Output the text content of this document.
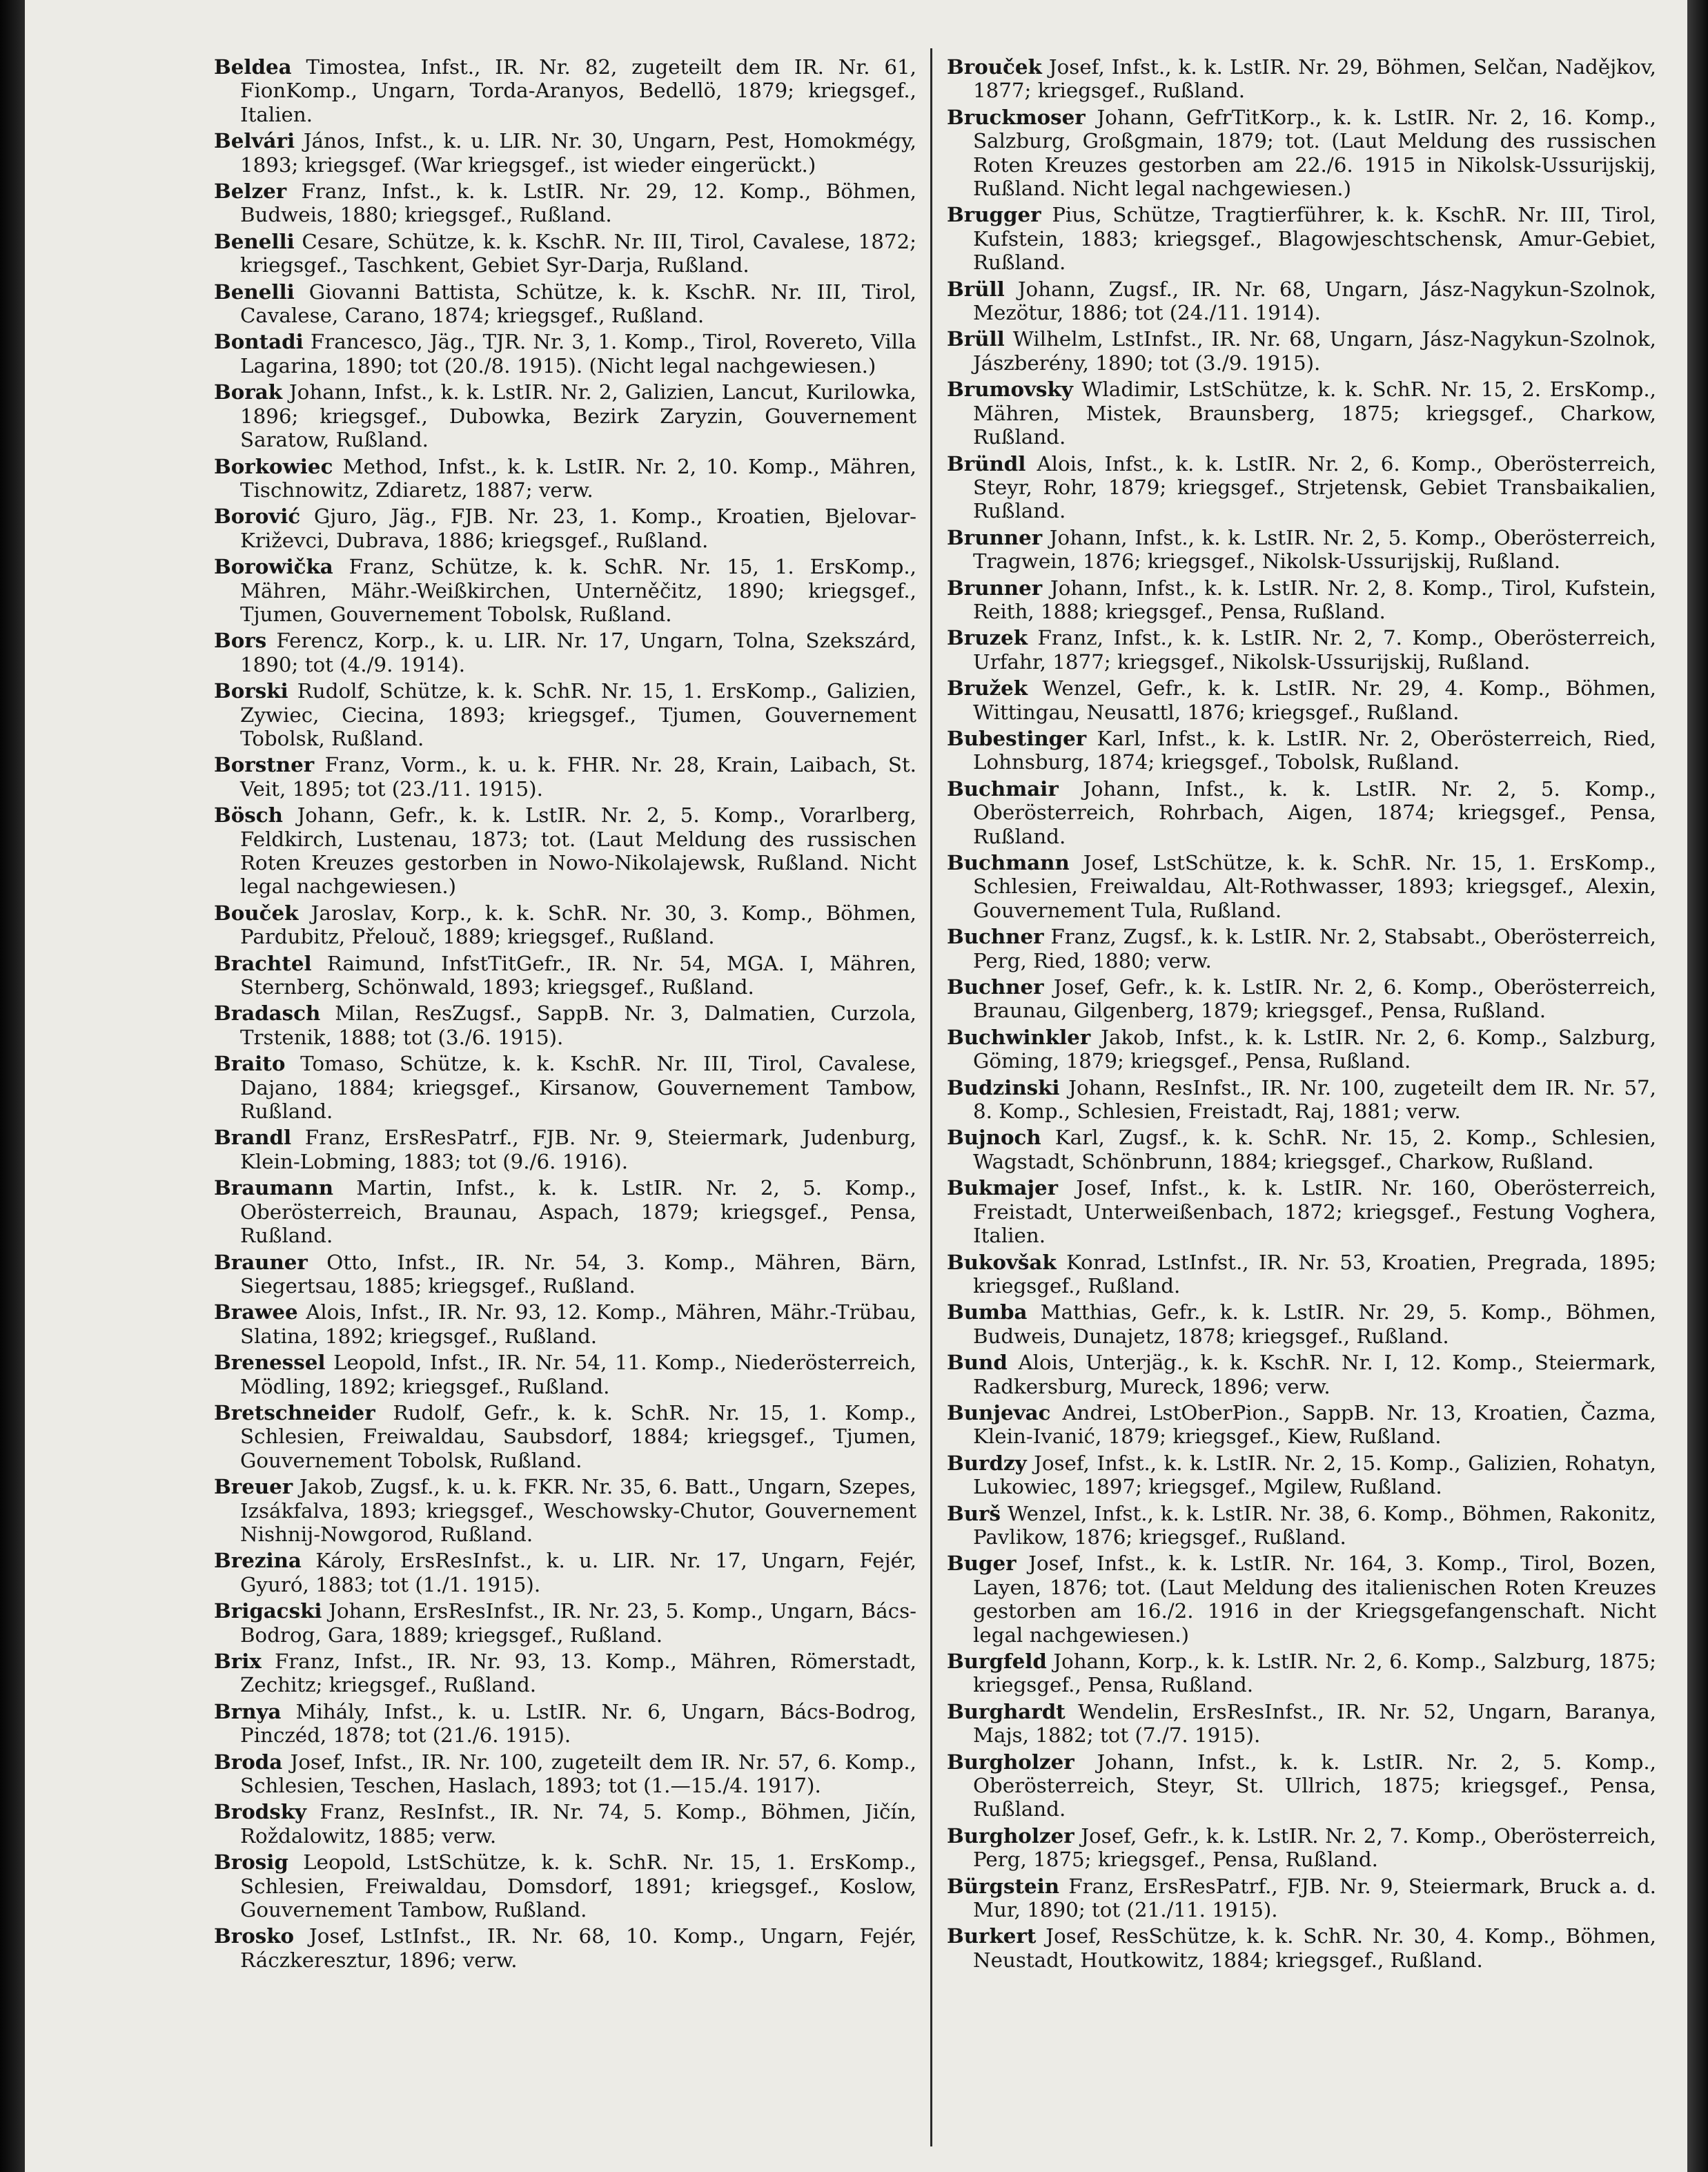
Beldea Timostea, Infst., IR. Nr. 82, zugeteilt dem IR. Nr. 61, FionKomp., Ungarn, Torda-Aranyos, Bedellö, 1879; kriegsgef., Italien.

Belvári János, Infst., k. u. LIR. Nr. 30, Ungarn, Pest, Homokmégy, 1893; kriegsgef. (War kriegsgef., ist wieder eingerückt.)

Belzer Franz, Infst., k. k. LstIR. Nr. 29, 12. Komp., Böhmen, Budweis, 1880; kriegsgef., Rußland.

Benelli Cesare, Schütze, k. k. KschR. Nr. III, Tirol, Cavalese, 1872; kriegsgef., Taschkent, Gebiet Syr-Darja, Rußland.

Benelli Giovanni Battista, Schütze, k. k. KschR. Nr. III, Tirol, Cavalese, Carano, 1874; kriegsgef., Rußland.

Bontadi Francesco, Jäg., TJR. Nr. 3, 1. Komp., Tirol, Rovereto, Villa Lagarina, 1890; tot (20./8. 1915). (Nicht legal nachgewiesen.)

Borak Johann, Infst., k. k. LstIR. Nr. 2, Galizien, Lancut, Kurilowka, 1896; kriegsgef., Dubowka, Bezirk Zaryzin, Gouvernement Saratow, Rußland.

Borkowiec Method, Infst., k. k. LstIR. Nr. 2, 10. Komp., Mähren, Tischnowitz, Zdiaretz, 1887; verw.

Borović Gjuro, Jäg., FJB. Nr. 23, 1. Komp., Kroatien, Bjelovar-Križevci, Dubrava, 1886; kriegsgef., Rußland.

Borowička Franz, Schütze, k. k. SchR. Nr. 15, 1. ErsKomp., Mähren, Mähr.-Weißkirchen, Unterněčitz, 1890; kriegsgef., Tjumen, Gouvernement Tobolsk, Rußland.

Bors Ferencz, Korp., k. u. LIR. Nr. 17, Ungarn, Tolna, Szekszárd, 1890; tot (4./9. 1914).

Borski Rudolf, Schütze, k. k. SchR. Nr. 15, 1. ErsKomp., Galizien, Zywiec, Ciecina, 1893; kriegsgef., Tjumen, Gouvernement Tobolsk, Rußland.

Borstner Franz, Vorm., k. u. k. FHR. Nr. 28, Krain, Laibach, St. Veit, 1895; tot (23./11. 1915).

Bösch Johann, Gefr., k. k. LstIR. Nr. 2, 5. Komp., Vorarlberg, Feldkirch, Lustenau, 1873; tot. (Laut Meldung des russischen Roten Kreuzes gestorben in Nowo-Nikolajewsk, Rußland. Nicht legal nachgewiesen.)

Bouček Jaroslav, Korp., k. k. SchR. Nr. 30, 3. Komp., Böhmen, Pardubitz, Přelouč, 1889; kriegsgef., Rußland.

Brachtel Raimund, InfstTitGefr., IR. Nr. 54, MGA. I, Mähren, Sternberg, Schönwald, 1893; kriegsgef., Rußland.

Bradasch Milan, ResZugsf., SappB. Nr. 3, Dalmatien, Curzola, Trstenik, 1888; tot (3./6. 1915).

Braito Tomaso, Schütze, k. k. KschR. Nr. III, Tirol, Cavalese, Dajano, 1884; kriegsgef., Kirsanow, Gouvernement Tambow, Rußland.

Brandl Franz, ErsResPatrf., FJB. Nr. 9, Steiermark, Judenburg, Klein-Lobming, 1883; tot (9./6. 1916).

Braumann Martin, Infst., k. k. LstIR. Nr. 2, 5. Komp., Oberösterreich, Braunau, Aspach, 1879; kriegsgef., Pensa, Rußland.

Brauner Otto, Infst., IR. Nr. 54, 3. Komp., Mähren, Bärn, Siegertsau, 1885; kriegsgef., Rußland.

Brawee Alois, Infst., IR. Nr. 93, 12. Komp., Mähren, Mähr.-Trübau, Slatina, 1892; kriegsgef., Rußland.

Brenessel Leopold, Infst., IR. Nr. 54, 11. Komp., Niederösterreich, Mödling, 1892; kriegsgef., Rußland.

Bretschneider Rudolf, Gefr., k. k. SchR. Nr. 15, 1. Komp., Schlesien, Freiwaldau, Saubsdorf, 1884; kriegsgef., Tjumen, Gouvernement Tobolsk, Rußland.

Breuer Jakob, Zugsf., k. u. k. FKR. Nr. 35, 6. Batt., Ungarn, Szepes, Izsákfalva, 1893; kriegsgef., Weschowsky-Chutor, Gouvernement Nishnij-Nowgorod, Rußland.

Brezina Károly, ErsResInfst., k. u. LIR. Nr. 17, Ungarn, Fejér, Gyuró, 1883; tot (1./1. 1915).

Brigacski Johann, ErsResInfst., IR. Nr. 23, 5. Komp., Ungarn, Bács-Bodrog, Gara, 1889; kriegsgef., Rußland.

Brix Franz, Infst., IR. Nr. 93, 13. Komp., Mähren, Römerstadt, Zechitz; kriegsgef., Rußland.

Brnya Mihály, Infst., k. u. LstIR. Nr. 6, Ungarn, Bács-Bodrog, Pinczéd, 1878; tot (21./6. 1915).

Broda Josef, Infst., IR. Nr. 100, zugeteilt dem IR. Nr. 57, 6. Komp., Schlesien, Teschen, Haslach, 1893; tot (1.—15./4. 1917).

Brodsky Franz, ResInfst., IR. Nr. 74, 5. Komp., Böhmen, Jičín, Roždalowitz, 1885; verw.

Brosig Leopold, LstSchütze, k. k. SchR. Nr. 15, 1. ErsKomp., Schlesien, Freiwaldau, Domsdorf, 1891; kriegsgef., Koslow, Gouvernement Tambow, Rußland.

Brosko Josef, LstInfst., IR. Nr. 68, 10. Komp., Ungarn, Fejér, Ráczkeresztur, 1896; verw.

Brouček Josef, Infst., k. k. LstIR. Nr. 29, Böhmen, Selčan, Nadějkov, 1877; kriegsgef., Rußland.

Bruckmoser Johann, GefrTitKorp., k. k. LstIR. Nr. 2, 16. Komp., Salzburg, Großgmain, 1879; tot. (Laut Meldung des russischen Roten Kreuzes gestorben am 22./6. 1915 in Nikolsk-Ussurijskij, Rußland. Nicht legal nachgewiesen.)

Brugger Pius, Schütze, Tragtierführer, k. k. KschR. Nr. III, Tirol, Kufstein, 1883; kriegsgef., Blagowjeschtschensk, Amur-Gebiet, Rußland.

Brüll Johann, Zugsf., IR. Nr. 68, Ungarn, Jász-Nagykun-Szolnok, Mezötur, 1886; tot (24./11. 1914).

Brüll Wilhelm, LstInfst., IR. Nr. 68, Ungarn, Jász-Nagykun-Szolnok, Jászberény, 1890; tot (3./9. 1915).

Brumovsky Wladimir, LstSchütze, k. k. SchR. Nr. 15, 2. ErsKomp., Mähren, Mistek, Braunsberg, 1875; kriegsgef., Charkow, Rußland.

Bründl Alois, Infst., k. k. LstIR. Nr. 2, 6. Komp., Oberösterreich, Steyr, Rohr, 1879; kriegsgef., Strjetensk, Gebiet Transbaikalien, Rußland.

Brunner Johann, Infst., k. k. LstIR. Nr. 2, 5. Komp., Oberösterreich, Tragwein, 1876; kriegsgef., Nikolsk-Ussurijskij, Rußland.

Brunner Johann, Infst., k. k. LstIR. Nr. 2, 8. Komp., Tirol, Kufstein, Reith, 1888; kriegsgef., Pensa, Rußland.

Bruzek Franz, Infst., k. k. LstIR. Nr. 2, 7. Komp., Oberösterreich, Urfahr, 1877; kriegsgef., Nikolsk-Ussurijskij, Rußland.

Bružek Wenzel, Gefr., k. k. LstIR. Nr. 29, 4. Komp., Böhmen, Wittingau, Neusattl, 1876; kriegsgef., Rußland.

Bubestinger Karl, Infst., k. k. LstIR. Nr. 2, Oberösterreich, Ried, Lohnsburg, 1874; kriegsgef., Tobolsk, Rußland.

Buchmair Johann, Infst., k. k. LstIR. Nr. 2, 5. Komp., Oberösterreich, Rohrbach, Aigen, 1874; kriegsgef., Pensa, Rußland.

Buchmann Josef, LstSchütze, k. k. SchR. Nr. 15, 1. ErsKomp., Schlesien, Freiwaldau, Alt-Rothwasser, 1893; kriegsgef., Alexin, Gouvernement Tula, Rußland.

Buchner Franz, Zugsf., k. k. LstIR. Nr. 2, Stabsabt., Oberösterreich, Perg, Ried, 1880; verw.

Buchner Josef, Gefr., k. k. LstIR. Nr. 2, 6. Komp., Oberösterreich, Braunau, Gilgenberg, 1879; kriegsgef., Pensa, Rußland.

Buchwinkler Jakob, Infst., k. k. LstIR. Nr. 2, 6. Komp., Salzburg, Göming, 1879; kriegsgef., Pensa, Rußland.

Budzinski Johann, ResInfst., IR. Nr. 100, zugeteilt dem IR. Nr. 57, 8. Komp., Schlesien, Freistadt, Raj, 1881; verw.

Bujnoch Karl, Zugsf., k. k. SchR. Nr. 15, 2. Komp., Schlesien, Wagstadt, Schönbrunn, 1884; kriegsgef., Charkow, Rußland.

Bukmajer Josef, Infst., k. k. LstIR. Nr. 160, Oberösterreich, Freistadt, Unterweißenbach, 1872; kriegsgef., Festung Voghera, Italien.

Bukovšak Konrad, LstInfst., IR. Nr. 53, Kroatien, Pregrada, 1895; kriegsgef., Rußland.

Bumba Matthias, Gefr., k. k. LstIR. Nr. 29, 5. Komp., Böhmen, Budweis, Dunajetz, 1878; kriegsgef., Rußland.

Bund Alois, Unterjäg., k. k. KschR. Nr. I, 12. Komp., Steiermark, Radkersburg, Mureck, 1896; verw.

Bunjevac Andrei, LstOberPion., SappB. Nr. 13, Kroatien, Čazma, Klein-Ivanić, 1879; kriegsgef., Kiew, Rußland.

Burdzy Josef, Infst., k. k. LstIR. Nr. 2, 15. Komp., Galizien, Rohatyn, Lukowiec, 1897; kriegsgef., Mgilew, Rußland.

Burš Wenzel, Infst., k. k. LstIR. Nr. 38, 6. Komp., Böhmen, Rakonitz, Pavlikow, 1876; kriegsgef., Rußland.

Buger Josef, Infst., k. k. LstIR. Nr. 164, 3. Komp., Tirol, Bozen, Layen, 1876; tot. (Laut Meldung des italienischen Roten Kreuzes gestorben am 16./2. 1916 in der Kriegsgefangenschaft. Nicht legal nachgewiesen.)

Burgfeld Johann, Korp., k. k. LstIR. Nr. 2, 6. Komp., Salzburg, 1875; kriegsgef., Pensa, Rußland.

Burghardt Wendelin, ErsResInfst., IR. Nr. 52, Ungarn, Baranya, Majs, 1882; tot (7./7. 1915).

Burgholzer Johann, Infst., k. k. LstIR. Nr. 2, 5. Komp., Oberösterreich, Steyr, St. Ullrich, 1875; kriegsgef., Pensa, Rußland.

Burgholzer Josef, Gefr., k. k. LstIR. Nr. 2, 7. Komp., Oberösterreich, Perg, 1875; kriegsgef., Pensa, Rußland.

Bürgstein Franz, ErsResPatrf., FJB. Nr. 9, Steiermark, Bruck a. d. Mur, 1890; tot (21./11. 1915).

Burkert Josef, ResSchütze, k. k. SchR. Nr. 30, 4. Komp., Böhmen, Neustadt, Houtkowitz, 1884; kriegsgef., Rußland.
